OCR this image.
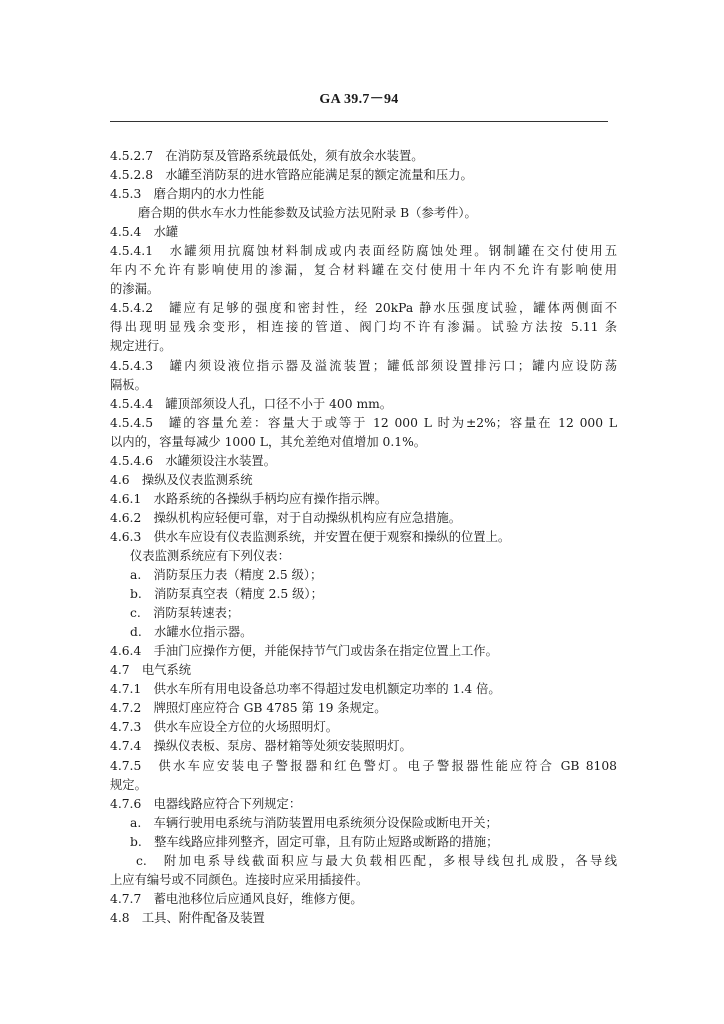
GA 39.7－94
4.5.2.7　在消防泵及管路系统最低处，须有放余水装置。
4.5.2.8　水罐至消防泵的进水管路应能满足泵的额定流量和压力。
4.5.3　磨合期内的水力性能
磨合期的供水车水力性能参数及试验方法见附录 B（参考件）。
4.5.4　水罐
4.5.4.1　水罐须用抗腐蚀材料制成或内表面经防腐蚀处理。钢制罐在交付使用五
年内不允许有影响使用的渗漏，复合材料罐在交付使用十年内不允许有影响使用
的渗漏。
4.5.4.2　罐应有足够的强度和密封性，经 20kPa 静水压强度试验，罐体两侧面不
得出现明显残余变形，相连接的管道、阀门均不许有渗漏。试验方法按 5.11 条
规定进行。
4.5.4.3　罐内须设液位指示器及溢流装置；罐低部须设置排污口；罐内应设防荡
隔板。
4.5.4.4　罐顶部须设人孔，口径不小于 400 mm。
4.5.4.5　罐的容量允差：容量大于或等于 12 000 L 时为±2%；容量在 12 000 L
以内的，容量每减少 1000 L，其允差绝对值增加 0.1%。
4.5.4.6　水罐须设注水装置。
4.6　操纵及仪表监测系统
4.6.1　水路系统的各操纵手柄均应有操作指示牌。
4.6.2　操纵机构应轻便可靠，对于自动操纵机构应有应急措施。
4.6.3　供水车应设有仪表监测系统，并安置在便于观察和操纵的位置上。
仪表监测系统应有下列仪表：
a.　消防泵压力表（精度 2.5 级）；
b.　消防泵真空表（精度 2.5 级）；
c.　消防泵转速表；
d.　水罐水位指示器。
4.6.4　手油门应操作方便，并能保持节气门或齿条在指定位置上工作。
4.7　电气系统
4.7.1　供水车所有用电设备总功率不得超过发电机额定功率的 1.4 倍。
4.7.2　牌照灯座应符合 GB 4785 第 19 条规定。
4.7.3　供水车应设全方位的火场照明灯。
4.7.4　操纵仪表板、泵房、器材箱等处须安装照明灯。
4.7.5　供水车应安装电子警报器和红色警灯。电子警报器性能应符合 GB 8108
规定。
4.7.6　电器线路应符合下列规定：
a.　车辆行驶用电系统与消防装置用电系统须分设保险或断电开关；
b.　整车线路应排列整齐，固定可靠，且有防止短路或断路的措施；
c.　附加电系导线截面积应与最大负载相匹配，多根导线包扎成股，各导线
上应有编号或不同颜色。连接时应采用插接件。
4.7.7　蓄电池移位后应通风良好，维修方便。
4.8　工具、附件配备及装置
